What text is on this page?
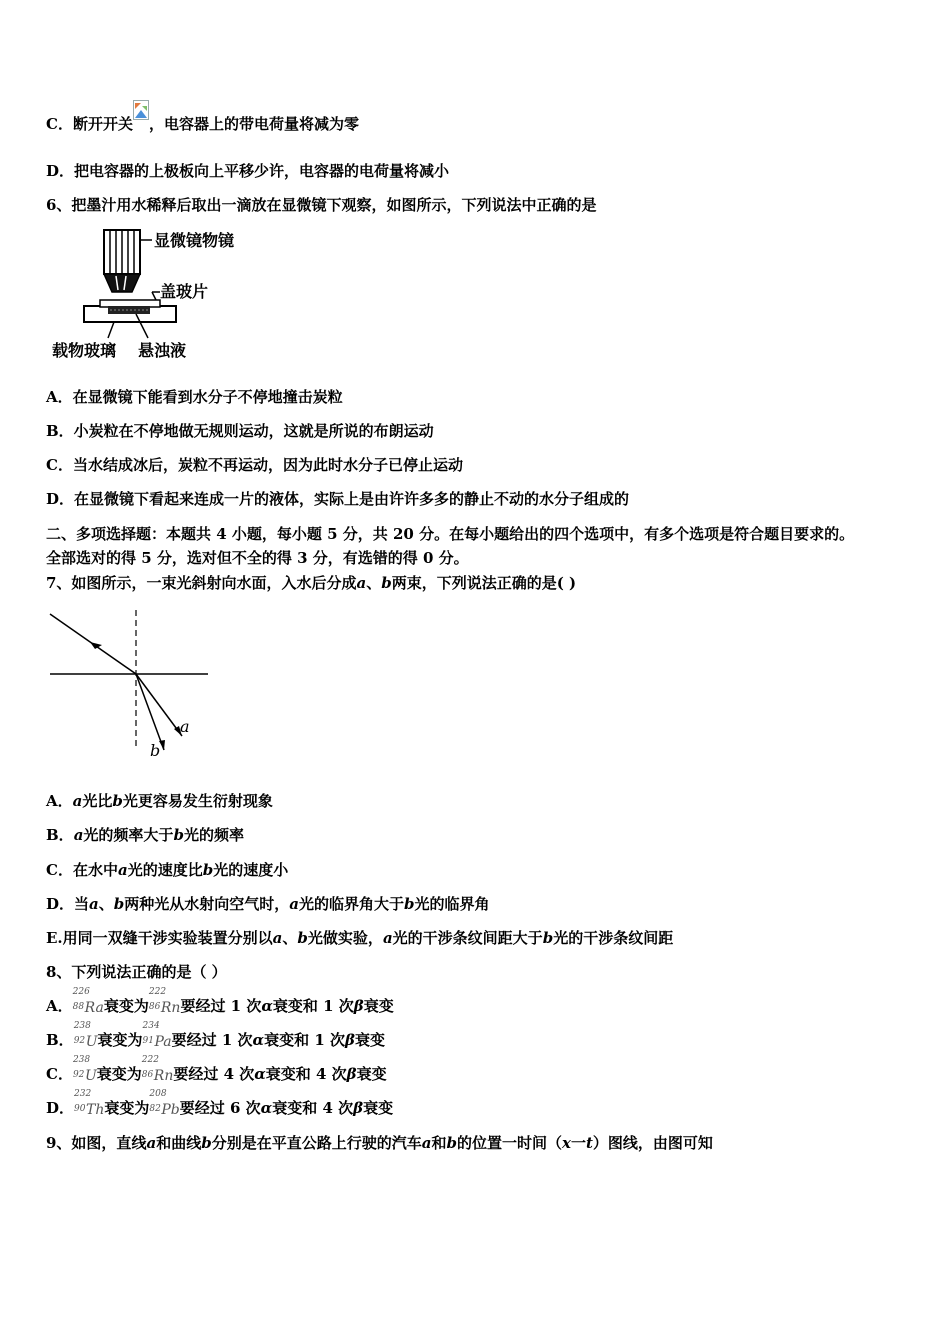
C．断开开关 ，电容器上的带电荷量将减为零
D．把电容器的上极板向上平移少许，电容器的电荷量将减小
6、把墨汁用水稀释后取出一滴放在显微镜下观察，如图所示，下列说法中正确的是
显微镜物镜
盖玻片
载物玻璃 悬浊液
A．在显微镜下能看到水分子不停地撞击炭粒
B．小炭粒在不停地做无规则运动，这就是所说的布朗运动
C．当水结成冰后，炭粒不再运动，因为此时水分子已停止运动
D．在显微镜下看起来连成一片的液体，实际上是由许许多多的静止不动的水分子组成的
二、多项选择题：本题共 4 小题，每小题 5 分，共 20 分。在每小题给出的四个选项中，有多个选项是符合题目要求的。
全部选对的得 5 分，选对但不全的得 3 分，有选错的得 0 分。
7、如图所示，一束光斜射向水面，入水后分成a、b两束，下列说法正确的是( )
a
b
A．a光比b光更容易发生衍射现象
B．a光的频率大于b光的频率
C．在水中a光的速度比b光的速度小
D．当a、b两种光从水射向空气时，a光的临界角大于b光的临界角
E.用同一双缝干涉实验装置分别以a、b光做实验，a光的干涉条纹间距大于b光的干涉条纹间距
8、下列说法正确的是（ ）
A．
226
88 Ra衰变为
222
86 Rn要经过 1 次α衰变和 1 次β衰变
B．
238
92 U衰变为
234
91 Pa要经过 1 次α衰变和 1 次β衰变
C．
238
92 U衰变为
222
86 Rn要经过 4 次α衰变和 4 次β衰变
D．
232
90 Th衰变为
208
82 Pb要经过 6 次α衰变和 4 次β衰变
9、如图，直线a和曲线b分别是在平直公路上行驶的汽车a和b的位置一时间（x一t）图线，由图可知
